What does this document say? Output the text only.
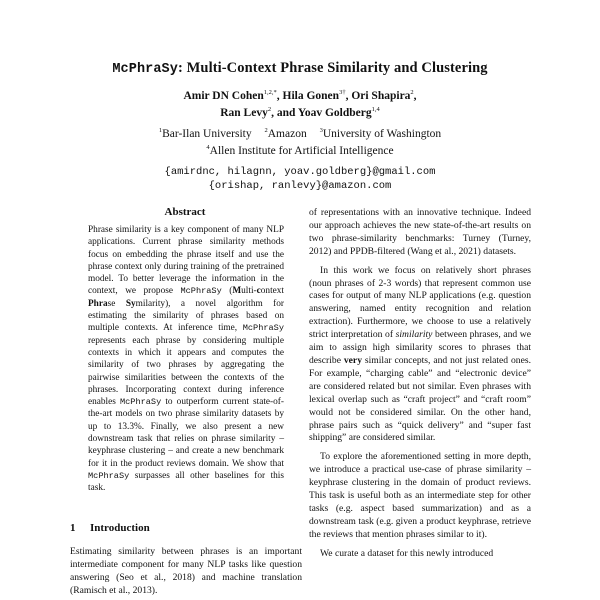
McPhraSy: Multi-Context Phrase Similarity and Clustering
Amir DN Cohen$^{1,2,*}$, Hila Gonen$^{3\dagger}$, Ori Shapira$^2$,
Ran Levy$^2$, and Yoav Goldberg$^{1,4}$
$^1$Bar-Ilan University $^2$Amazon $^3$University of Washington
$^4$Allen Institute for Artificial Intelligence
{amirdnc, hilagnn, yoav.goldberg}@gmail.com
{orishap, ranlevy}@amazon.com
Abstract
Phrase similarity is a key component of many NLP applications. Current phrase similarity methods focus on embedding the phrase itself and use the phrase context only during training of the pretrained model. To better leverage the information in the context, we propose McPhraSy (Multi-context Phrase Symilarity), a novel algorithm for estimating the similarity of phrases based on multiple contexts. At inference time, McPhraSy represents each phrase by considering multiple contexts in which it appears and computes the similarity of two phrases by aggregating the pairwise similarities between the contexts of the phrases. Incorporating context during inference enables McPhraSy to outperform current state-of-the-art models on two phrase similarity datasets by up to 13.3%. Finally, we also present a new downstream task that relies on phrase similarity – keyphrase clustering – and create a new benchmark for it in the product reviews domain. We show that McPhraSy surpasses all other baselines for this task.
1 Introduction
Estimating similarity between phrases is an important intermediate component for many NLP tasks like question answering (Seo et al., 2018) and machine translation (Ramisch et al., 2013).

of representations with an innovative technique. Indeed our approach achieves the new state-of-the-art results on two phrase-similarity benchmarks: Turney (Turney, 2012) and PPDB-filtered (Wang et al., 2021) datasets.

In this work we focus on relatively short phrases (noun phrases of 2-3 words) that represent common use cases for output of many NLP applications (e.g. question answering, named entity recognition and relation extraction). Furthermore, we choose to use a relatively strict interpretation of similarity between phrases, and we aim to assign high similarity scores to phrases that describe very similar concepts, and not just related ones. For example, “charging cable” and “electronic device” are considered related but not similar. Even phrases with lexical overlap such as “craft project” and “craft room” would not be considered similar. On the other hand, phrase pairs such as “quick delivery” and “super fast shipping” are considered similar.

To explore the aforementioned setting in more depth, we introduce a practical use-case of phrase similarity – keyphrase clustering in the domain of product reviews. This task is useful both as an intermediate step for other tasks (e.g. aspect based summarization) and as a downstream task (e.g. given a product keyphrase, retrieve the reviews that mention phrases similar to it).

We curate a dataset for this newly introduced
